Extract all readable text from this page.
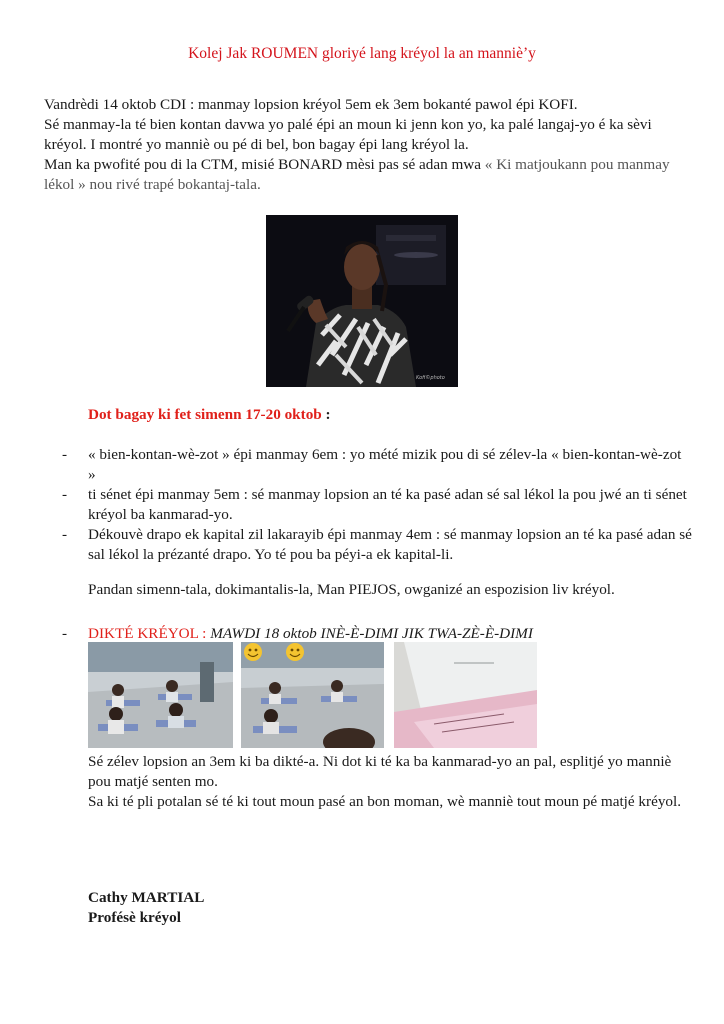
Kolej Jak ROUMEN gloriyé lang kréyol la an manniè’y

Vandrèdi 14 oktob CDI : manmay lopsion kréyol 5em ek 3em bokanté pawol épi KOFI.

Sé manmay-la té bien kontan davwa yo palé épi an moun ki jenn kon yo, ka palé langaj-yo é ka sèvi kréyol. I montré yo manniè ou pé di bel, bon bagay épi lang kréyol la.

Man ka pwofité pou di la CTM, misié BONARD mèsi pas sé adan mwa « Ki matjoukann pou manmay lékol » nou rivé trapé bokantaj-tala.

Kofi©photo
Dot bagay ki fet simenn 17-20 oktob :
- « bien-kontan-wè-zot » épi manmay 6em : yo mété mizik pou di sé zélev-la « bien-kontan-wè-zot »
- ti sénet épi manmay 5em : sé manmay lopsion an té ka pasé adan sé sal lékol la pou jwé an ti sénet kréyol ba kanmarad-yo.
- Dékouvè drapo ek kapital zil lakarayib épi manmay 4em : sé manmay lopsion an té ka pasé adan sé sal lékol la prézanté drapo. Yo té pou ba péyi-a ek kapital-li.

Pandan simenn-tala, dokimantalis-la, Man PIEJOS, owganizé an espozision liv kréyol.

- DIKTÉ KRÉYOL : MAWDI 18 oktob INÈ-È-DIMI JIK TWA-ZÈ-È-DIMI

Sé zélev lopsion an 3em ki ba dikté-a. Ni dot ki té ka ba kanmarad-yo an pal, esplitjé yo manniè pou matjé senten mo.

Sa ki té pli potalan sé té ki tout moun pasé an bon moman, wè manniè tout moun pé matjé kréyol.

Cathy MARTIAL
Profésè kréyol
